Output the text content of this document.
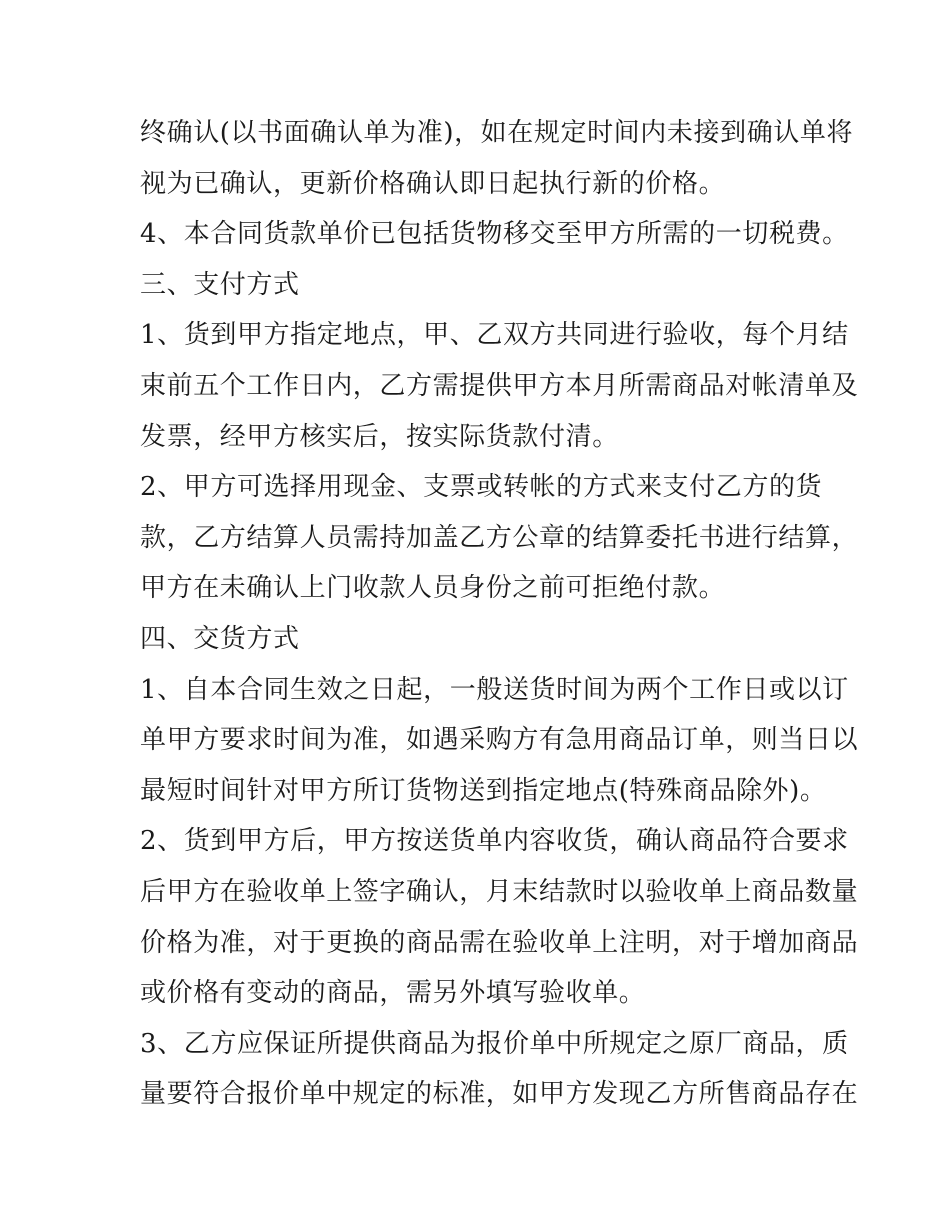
终确认(以书面确认单为准)，如在规定时间内未接到确认单将
视为已确认，更新价格确认即日起执行新的价格。
4、本合同货款单价已包括货物移交至甲方所需的一切税费。
三、支付方式
1、货到甲方指定地点，甲、乙双方共同进行验收，每个月结
束前五个工作日内，乙方需提供甲方本月所需商品对帐清单及
发票，经甲方核实后，按实际货款付清。
2、甲方可选择用现金、支票或转帐的方式来支付乙方的货
款，乙方结算人员需持加盖乙方公章的结算委托书进行结算，
甲方在未确认上门收款人员身份之前可拒绝付款。
四、交货方式
1、自本合同生效之日起，一般送货时间为两个工作日或以订
单甲方要求时间为准，如遇采购方有急用商品订单，则当日以
最短时间针对甲方所订货物送到指定地点(特殊商品除外)。
2、货到甲方后，甲方按送货单内容收货，确认商品符合要求
后甲方在验收单上签字确认，月末结款时以验收单上商品数量
价格为准，对于更换的商品需在验收单上注明，对于增加商品
或价格有变动的商品，需另外填写验收单。
3、乙方应保证所提供商品为报价单中所规定之原厂商品，质
量要符合报价单中规定的标准，如甲方发现乙方所售商品存在
